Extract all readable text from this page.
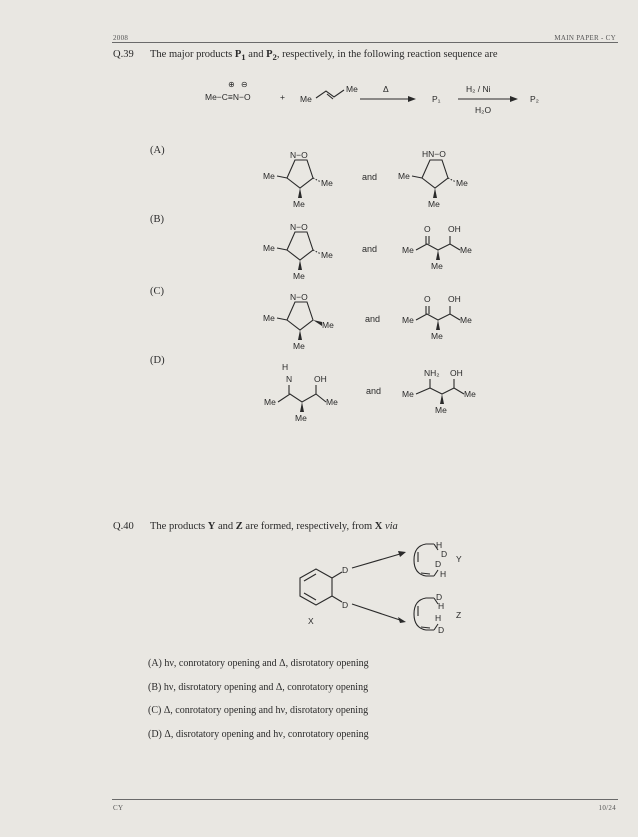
2008	MAIN PAPER - CY
Q.39 The major products $P_1$ and $P_2$, respectively, in the following reaction sequence are
⊕ ⊖
Me−C≡N−O	+ Me
Me	Δ
P₁
H₂ / Ni
H₂O
P₂
(A)	N−O
Me
Me
Me
and
HN−O
Me
Me
Me
(B)
N−O
Me
Me
Me
and
O OH
Me
Me
Me
(C)	N−O
Me
Me
Me
and
O OH
Me
Me
Me
(D)
H
N	OH
Me
Me
Me
and
NH₂ OH
Me
Me
Me
Q.40 The products Y and Z are formed, respectively, from X via
D
D
X
H
D
D
H
Y
D
H
H
D
Z
(A) hν, conrotatory opening and Δ, disrotatory opening
(B) hν, disrotatory opening and Δ, conrotatory opening
(C) Δ, conrotatory opening and hν, disrotatory opening
(D) Δ, disrotatory opening and hν, conrotatory opening
CY	10/24
